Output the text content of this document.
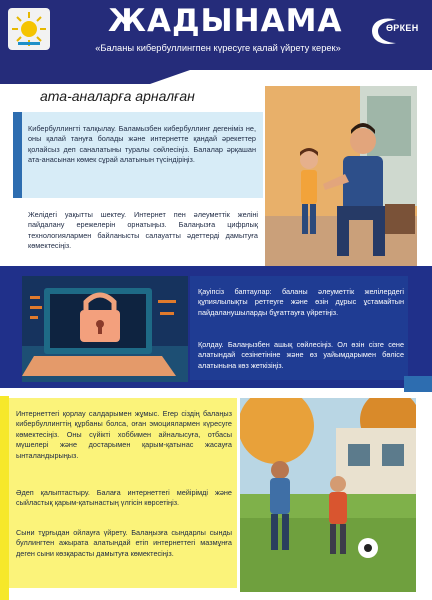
ЖАДЫНАМА
«Баланы кибербуллингпен күресуге қалай үйрету керек»
ӨРКЕН
ата-аналарға арналған
Кибербуллингті талқылау. Баламызбен кибербуллинг дегеніміз не, оны қалай тануға болады және интернетте қандай әрекеттер қолайсыз деп саналатыны туралы сөйлесіңіз. Балалар әрқашан ата-анасынан көмек сұрай алатынын түсіндіріңіз.
Желідегі уақытты шектеу. Интернет пен әлеуметтік желіні пайдалану ережелерін орнатыңыз. Балаңызға цифрлық технологиялармен байланысты салауатты әдеттерді дамытуға көмектесіңіз.
Қауіпсіз баптаулар: баланы әлеуметтік желілердегі құпиялылықты реттеуге және өзін дұрыс ұстамайтын пайдаланушыларды бұғаттауға үйретіңіз.
Қолдау. Балаңызбен ашық сөйлесіңіз. Ол өзін сізге сене алатындай сезінетініне және өз уайымдарымен бөлісе алатынына көз жеткізіңіз.
Интернеттегі қорлау салдарымен жұмыс. Егер сіздің балаңыз кибербуллингтің құрбаны болса, оған эмоциялармен күресуге көмектесіңіз. Оны сүйікті хоббимен айналысуға, отбасы мүшелері және достарымен қарым-қатынас жасауға ынталандырыңыз.
Әдеп қалыптастыру. Балаға интернеттегі мейірімді және сыйластық қарым-қатынастың үлгісін көрсетіңіз.
Сыни тұрғыдан ойлауға үйрету. Балаңызға сындарлы сынды буллингтен ажырата алатындай етіп интернеттегі мазмұнға деген сыни көзқарасты дамытуға көмектесіңіз.
